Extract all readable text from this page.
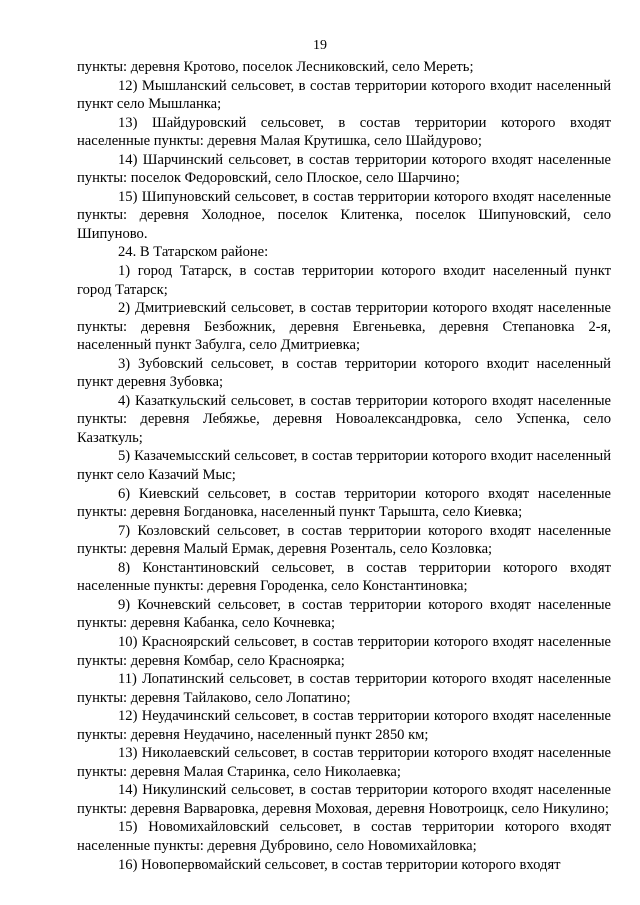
19

пункты: деревня Кротово, поселок Лесниковский, село Мереть;

12) Мышланский сельсовет, в состав территории которого входит населенный пункт село Мышланка;

13) Шайдуровский сельсовет, в состав территории которого входят населенные пункты: деревня Малая Крутишка, село Шайдурово;

14) Шарчинский сельсовет, в состав территории которого входят населенные пункты: поселок Федоровский, село Плоское, село Шарчино;

15) Шипуновский сельсовет, в состав территории которого входят населенные пункты: деревня Холодное, поселок Клитенка, поселок Шипуновский, село Шипуново.

24. В Татарском районе:

1) город Татарск, в состав территории которого входит населенный пункт город Татарск;

2) Дмитриевский сельсовет, в состав территории которого входят населенные пункты: деревня Безбожник, деревня Евгеньевка, деревня Степановка 2-я, населенный пункт Забулга, село Дмитриевка;

3) Зубовский сельсовет, в состав территории которого входит населенный пункт деревня Зубовка;

4) Казаткульский сельсовет, в состав территории которого входят населенные пункты: деревня Лебяжье, деревня Новоалександровка, село Успенка, село Казаткуль;

5) Казачемысский сельсовет, в состав территории которого входит населенный пункт село Казачий Мыс;

6) Киевский сельсовет, в состав территории которого входят населенные пункты: деревня Богдановка, населенный пункт Тарышта, село Киевка;

7) Козловский сельсовет, в состав территории которого входят населенные пункты: деревня Малый Ермак, деревня Розенталь, село Козловка;

8) Константиновский сельсовет, в состав территории которого входят населенные пункты: деревня Городенка, село Константиновка;

9) Кочневский сельсовет, в состав территории которого входят населенные пункты: деревня Кабанка, село Кочневка;

10) Красноярский сельсовет, в состав территории которого входят населенные пункты: деревня Комбар, село Красноярка;

11) Лопатинский сельсовет, в состав территории которого входят населенные пункты: деревня Тайлаково, село Лопатино;

12) Неудачинский сельсовет, в состав территории которого входят населенные пункты: деревня Неудачино, населенный пункт 2850 км;

13) Николаевский сельсовет, в состав территории которого входят населенные пункты: деревня Малая Старинка, село Николаевка;

14) Никулинский сельсовет, в состав территории которого входят населенные пункты: деревня Варваровка, деревня Моховая, деревня Новотроицк, село Никулино;

15) Новомихайловский сельсовет, в состав территории которого входят населенные пункты: деревня Дубровино, село Новомихайловка;

16) Новопервомайский сельсовет, в состав территории которого входят
